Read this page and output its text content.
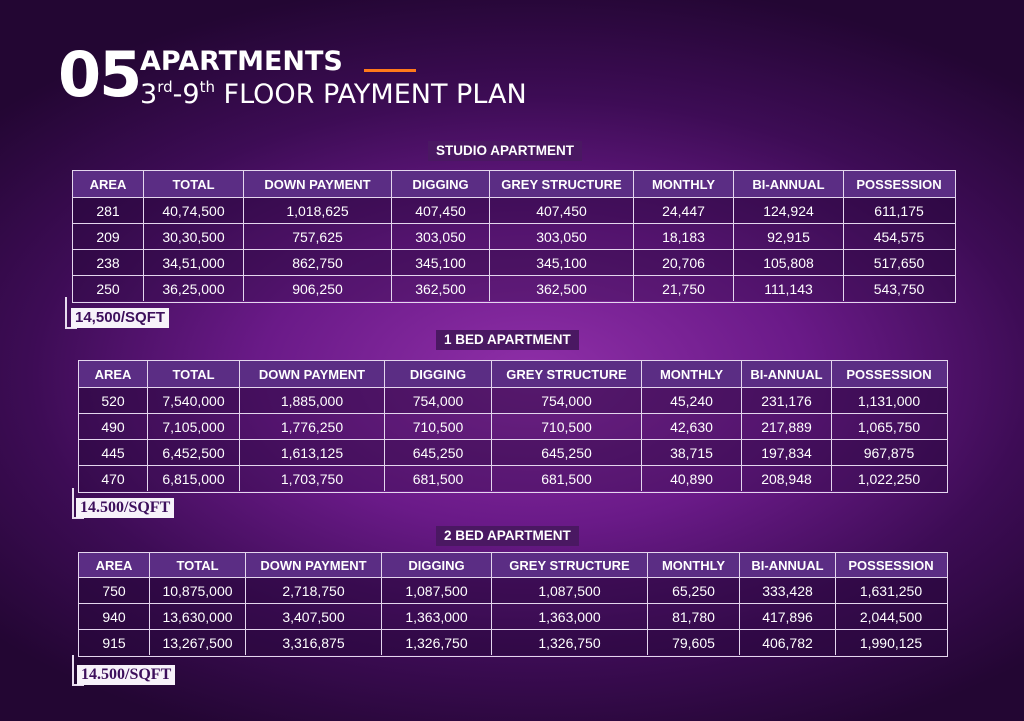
05 APARTMENTS
3rd-9th FLOOR PAYMENT PLAN
STUDIO APARTMENT
AREA	TOTAL	DOWN PAYMENT	DIGGING	GREY STRUCTURE	MONTHLY	BI-ANNUAL	POSSESSION
281	40,74,500	1,018,625	407,450	407,450	24,447	124,924	611,175
209	30,30,500	757,625	303,050	303,050	18,183	92,915	454,575
238	34,51,000	862,750	345,100	345,100	20,706	105,808	517,650
250	36,25,000	906,250	362,500	362,500	21,750	111,143	543,750
14,500/SQFT
1 BED APARTMENT
AREA	TOTAL	DOWN PAYMENT	DIGGING	GREY STRUCTURE	MONTHLY	BI-ANNUAL	POSSESSION
520	7,540,000	1,885,000	754,000	754,000	45,240	231,176	1,131,000
490	7,105,000	1,776,250	710,500	710,500	42,630	217,889	1,065,750
445	6,452,500	1,613,125	645,250	645,250	38,715	197,834	967,875
470	6,815,000	1,703,750	681,500	681,500	40,890	208,948	1,022,250
14.500/SQFT
2 BED APARTMENT
AREA	TOTAL	DOWN PAYMENT	DIGGING	GREY STRUCTURE	MONTHLY	BI-ANNUAL	POSSESSION
750	10,875,000	2,718,750	1,087,500	1,087,500	65,250	333,428	1,631,250
940	13,630,000	3,407,500	1,363,000	1,363,000	81,780	417,896	2,044,500
915	13,267,500	3,316,875	1,326,750	1,326,750	79,605	406,782	1,990,125
14.500/SQFT
